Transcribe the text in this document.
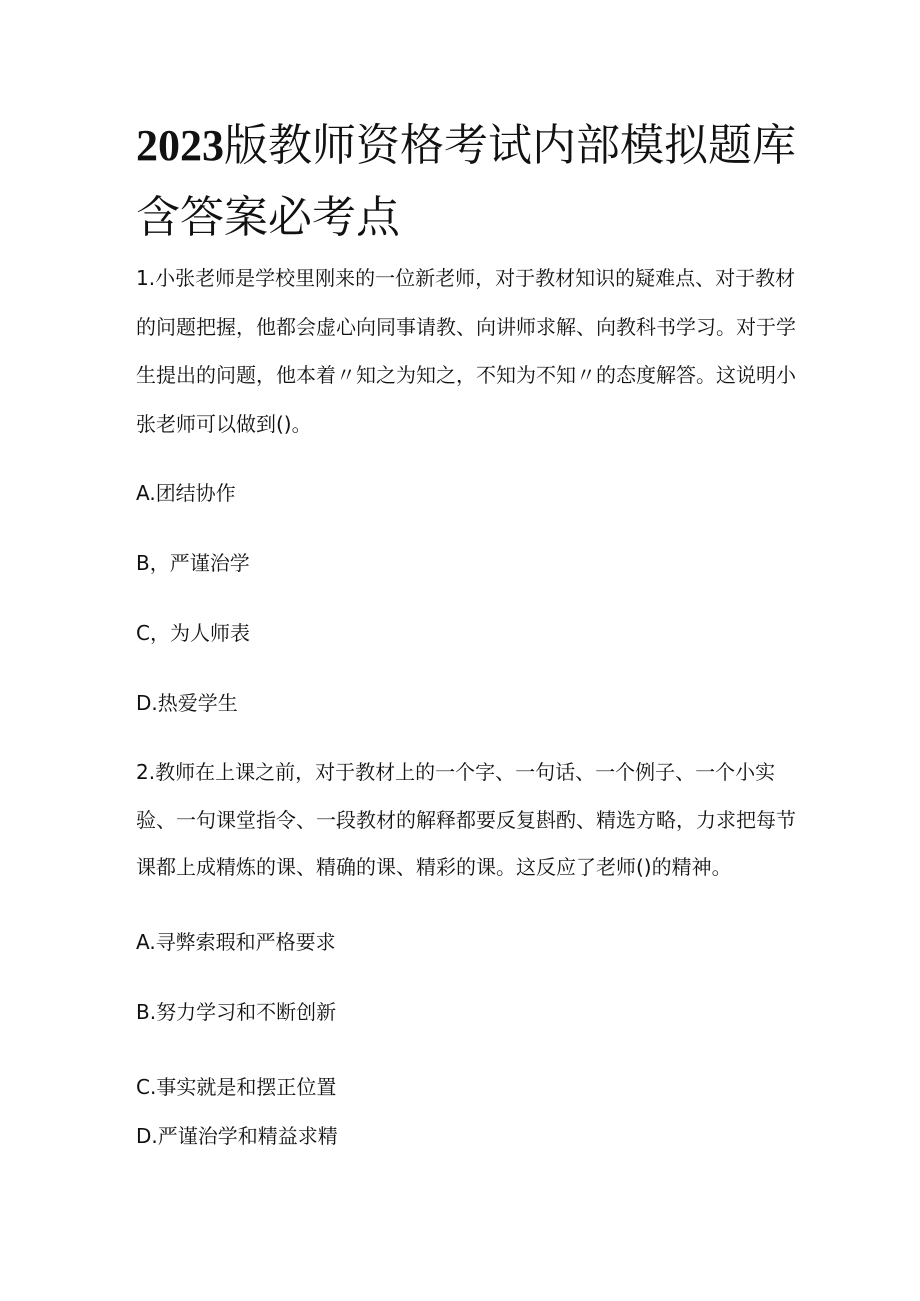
2023版教师资格考试内部模拟题库含答案必考点

1.小张老师是学校里刚来的一位新老师，对于教材知识的疑难点、对于教材的问题把握，他都会虚心向同事请教、向讲师求解、向教科书学习。对于学生提出的问题，他本着〃知之为知之，不知为不知〃的态度解答。这说明小张老师可以做到()。

A.团结协作

B，严谨治学

C，为人师表

D.热爱学生

2.教师在上课之前，对于教材上的一个字、一句话、一个例子、一个小实验、一句课堂指令、一段教材的解释都要反复斟酌、精选方略，力求把每节课都上成精炼的课、精确的课、精彩的课。这反应了老师()的精神。

A.寻弊索瑕和严格要求

B.努力学习和不断创新

C.事实就是和摆正位置

D.严谨治学和精益求精
